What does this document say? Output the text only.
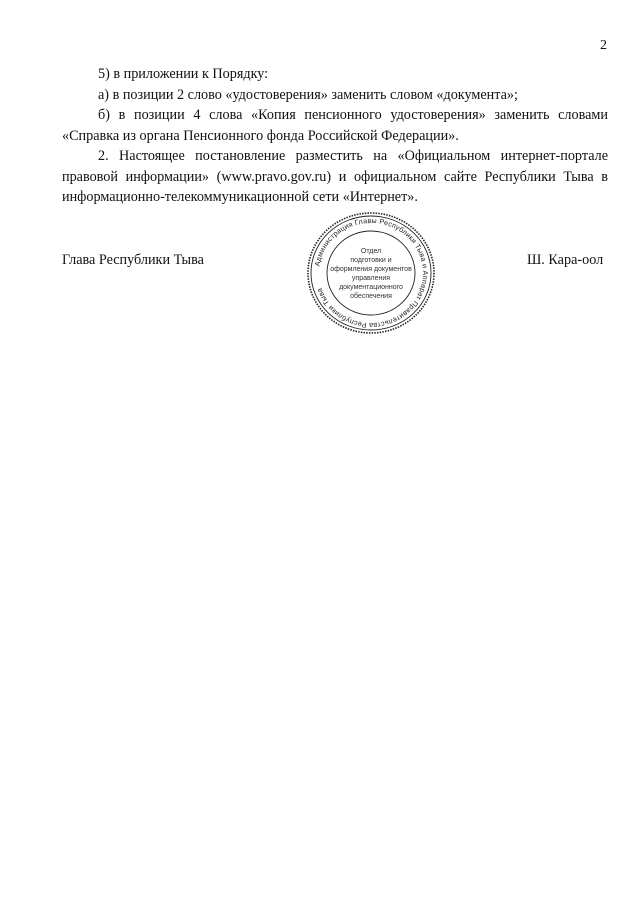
2

5) в приложении к Порядку:

а) в позиции 2 слово «удостоверения» заменить словом «документа»;

б) в позиции 4 слова «Копия пенсионного удостоверения» заменить словами «Справка из органа Пенсионного фонда Российской Федерации».

2. Настоящее постановление разместить на «Официальном интернет-портале правовой информации» (www.pravo.gov.ru) и официальном сайте Республики Тыва в информационно-телекоммуникационной сети «Интернет».

Глава Республики Тыва	Администрация Главы Республики Тыва и Аппарат Правительства Республики Тыва
Отдел
подготовки и
оформления документов
управления
документационного
обеспечения
Ш. Кара-оол
